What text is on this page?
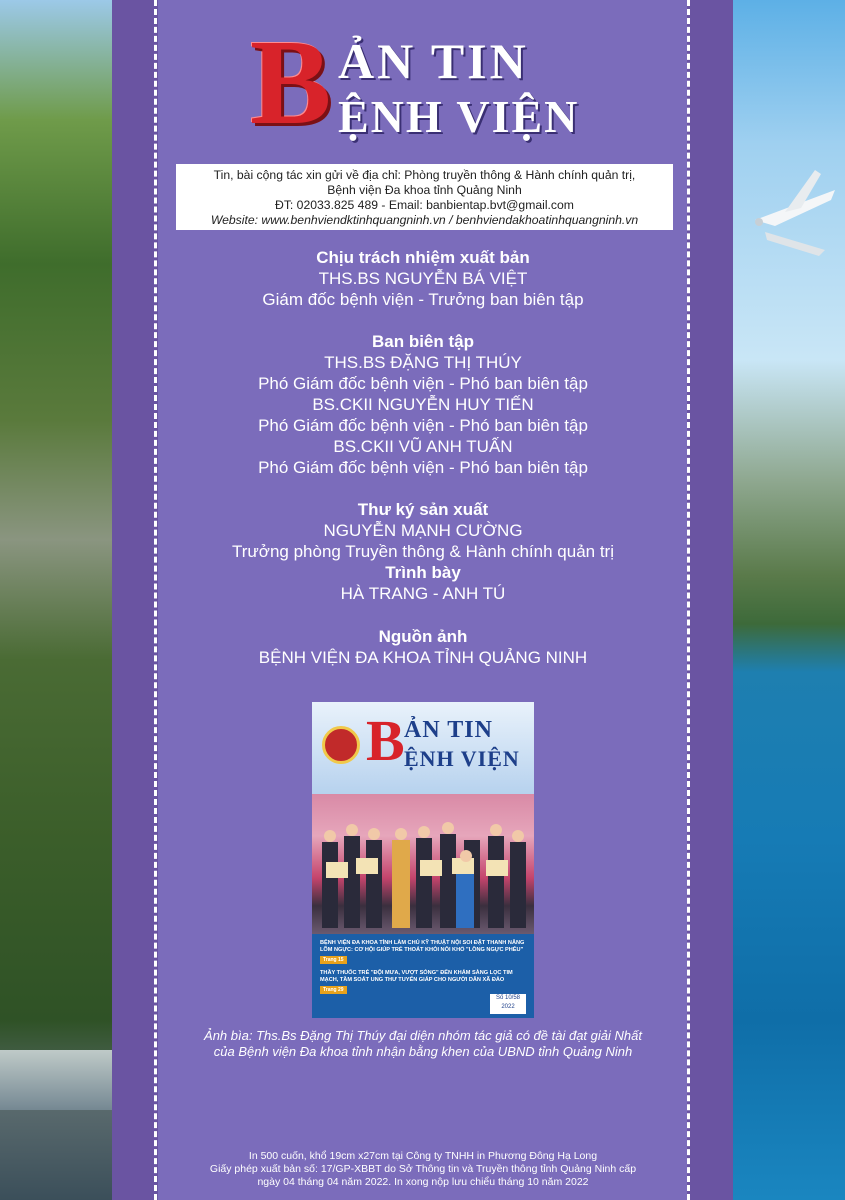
B ẢN TIN
ỆNH VIỆN
Tin, bài cộng tác xin gửi về địa chỉ: Phòng truyền thông & Hành chính quản trị,
Bệnh viện Đa khoa tỉnh Quảng Ninh
ĐT: 02033.825 489 - Email: banbientap.bvt@gmail.com
Website: www.benhviendktinhquangninh.vn / benhviendakhoatinhquangninh.vn
Chịu trách nhiệm xuất bản
THS.BS NGUYỄN BÁ VIỆT
Giám đốc bệnh viện - Trưởng ban biên tập
Ban biên tập
THS.BS ĐẶNG THỊ THÚY
Phó Giám đốc bệnh viện - Phó ban biên tập
BS.CKII NGUYỄN HUY TIẾN
Phó Giám đốc bệnh viện - Phó ban biên tập
BS.CKII VŨ ANH TUẤN
Phó Giám đốc bệnh viện - Phó ban biên tập
Thư ký sản xuất
NGUYỄN MẠNH CƯỜNG
Trưởng phòng Truyền thông & Hành chính quản trị
Trình bày
HÀ TRANG - ANH TÚ
Nguồn ảnh
BỆNH VIỆN ĐA KHOA TỈNH QUẢNG NINH
B ẢN TIN
ỆNH VIỆN
BỆNH VIỆN ĐA KHOA TỈNH LÀM CHỦ KỸ THUẬT NỘI SOI ĐẶT THANH NÂNG LÕM NGỰC: CƠ HỘI GIÚP TRẺ THOÁT KHỎI NỖI KHỔ "LỒNG NGỰC PHỄU"
Trang 15
THẦY THUỐC TRẺ "ĐỘI MƯA, VƯỢT SÓNG" ĐẾN KHÁM SÀNG LỌC TIM MẠCH, TẦM SOÁT UNG THƯ TUYẾN GIÁP CHO NGƯỜI DÂN XÃ ĐẢO
Trang 29
Số 10/58
2022
Ảnh bìa: Ths.Bs Đặng Thị Thúy đại diện nhóm tác giả có đề tài đạt giải Nhất
của Bệnh viện Đa khoa tỉnh nhận bằng khen của UBND tỉnh Quảng Ninh
In 500 cuốn, khổ 19cm x27cm tại Công ty TNHH in Phương Đông Hạ Long
Giấy phép xuất bản số: 17/GP-XBBT do Sở Thông tin và Truyền thông tỉnh Quảng Ninh cấp
ngày 04 tháng 04 năm 2022. In xong nộp lưu chiểu tháng 10 năm 2022
